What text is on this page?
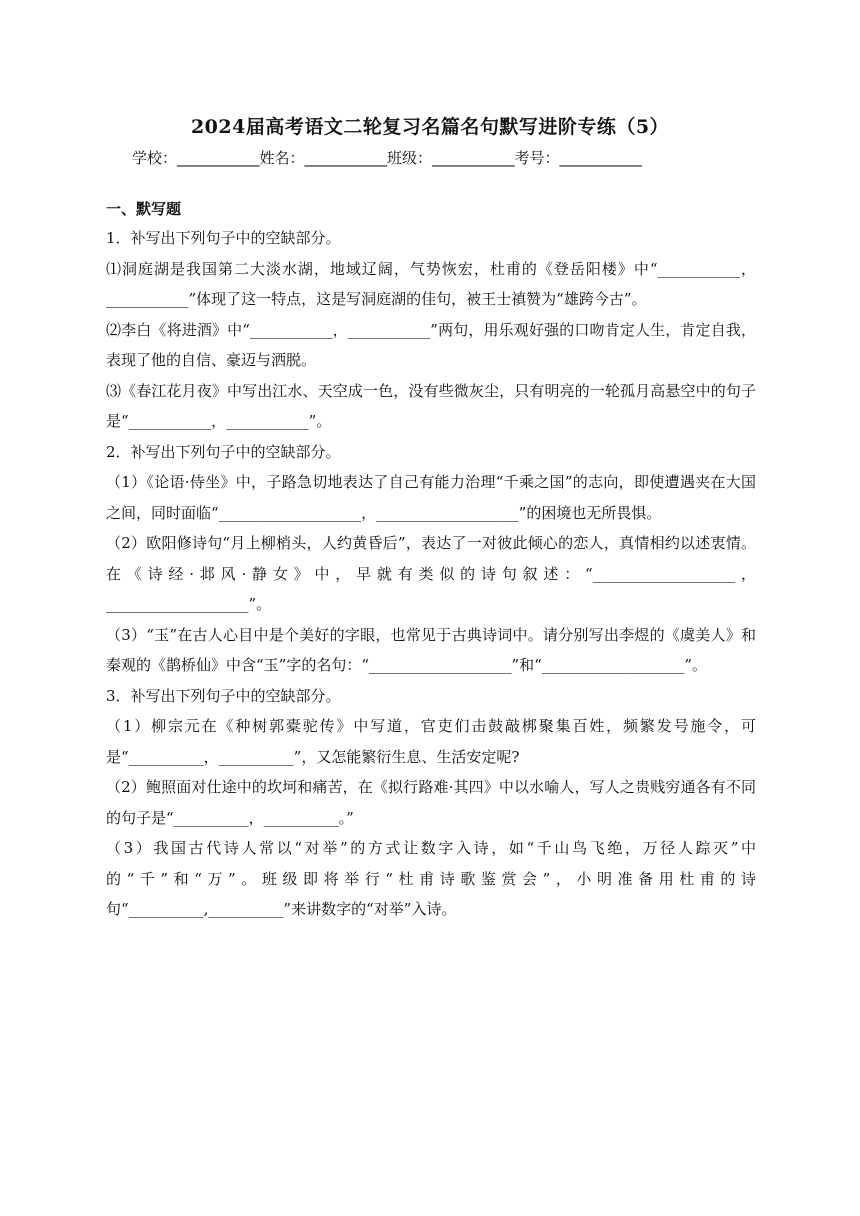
2024届高考语文二轮复习名篇名句默写进阶专练（5）
学校：___________姓名：___________班级：___________考号：___________
一、默写题

1．补写出下列句子中的空缺部分。

⑴洞庭湖是我国第二大淡水湖，地域辽阔，气势恢宏，杜甫的《登岳阳楼》中“___________，___________”体现了这一特点，这是写洞庭湖的佳句，被王士禛赞为“雄跨今古”。

⑵李白《将进酒》中“___________，___________”两句，用乐观好强的口吻肯定人生，肯定自我，表现了他的自信、豪迈与洒脱。

⑶《春江花月夜》中写出江水、天空成一色，没有些微灰尘，只有明亮的一轮孤月高悬空中的句子是“___________，___________”。

2．补写出下列句子中的空缺部分。

（1）《论语·侍坐》中，子路急切地表达了自己有能力治理“千乘之国”的志向，即使遭遇夹在大国之间，同时面临“___________________，___________________”的困境也无所畏惧。

（2）欧阳修诗句“月上柳梢头，人约黄昏后”，表达了一对彼此倾心的恋人，真情相约以述衷情。在《诗经·邶风·静女》中，早就有类似的诗句叙述：“___________________，___________________”。

（3）“玉”在古人心目中是个美好的字眼，也常见于古典诗词中。请分别写出李煜的《虞美人》和秦观的《鹊桥仙》中含“玉”字的名句：“___________________”和“___________________”。

3．补写出下列句子中的空缺部分。

（1）柳宗元在《种树郭橐驼传》中写道，官吏们击鼓敲梆聚集百姓，频繁发号施令，可是“__________，__________”，又怎能繁衍生息、生活安定呢?

（2）鲍照面对仕途中的坎坷和痛苦，在《拟行路难·其四》中以水喻人，写人之贵贱穷通各有不同的句子是“__________，__________。”

（3）我国古代诗人常以“对举”的方式让数字入诗，如“千山鸟飞绝，万径人踪灭”中的“千”和“万”。班级即将举行“杜甫诗歌鉴赏会”，小明准备用杜甫的诗句“__________,__________”来讲数字的“对举”入诗。
